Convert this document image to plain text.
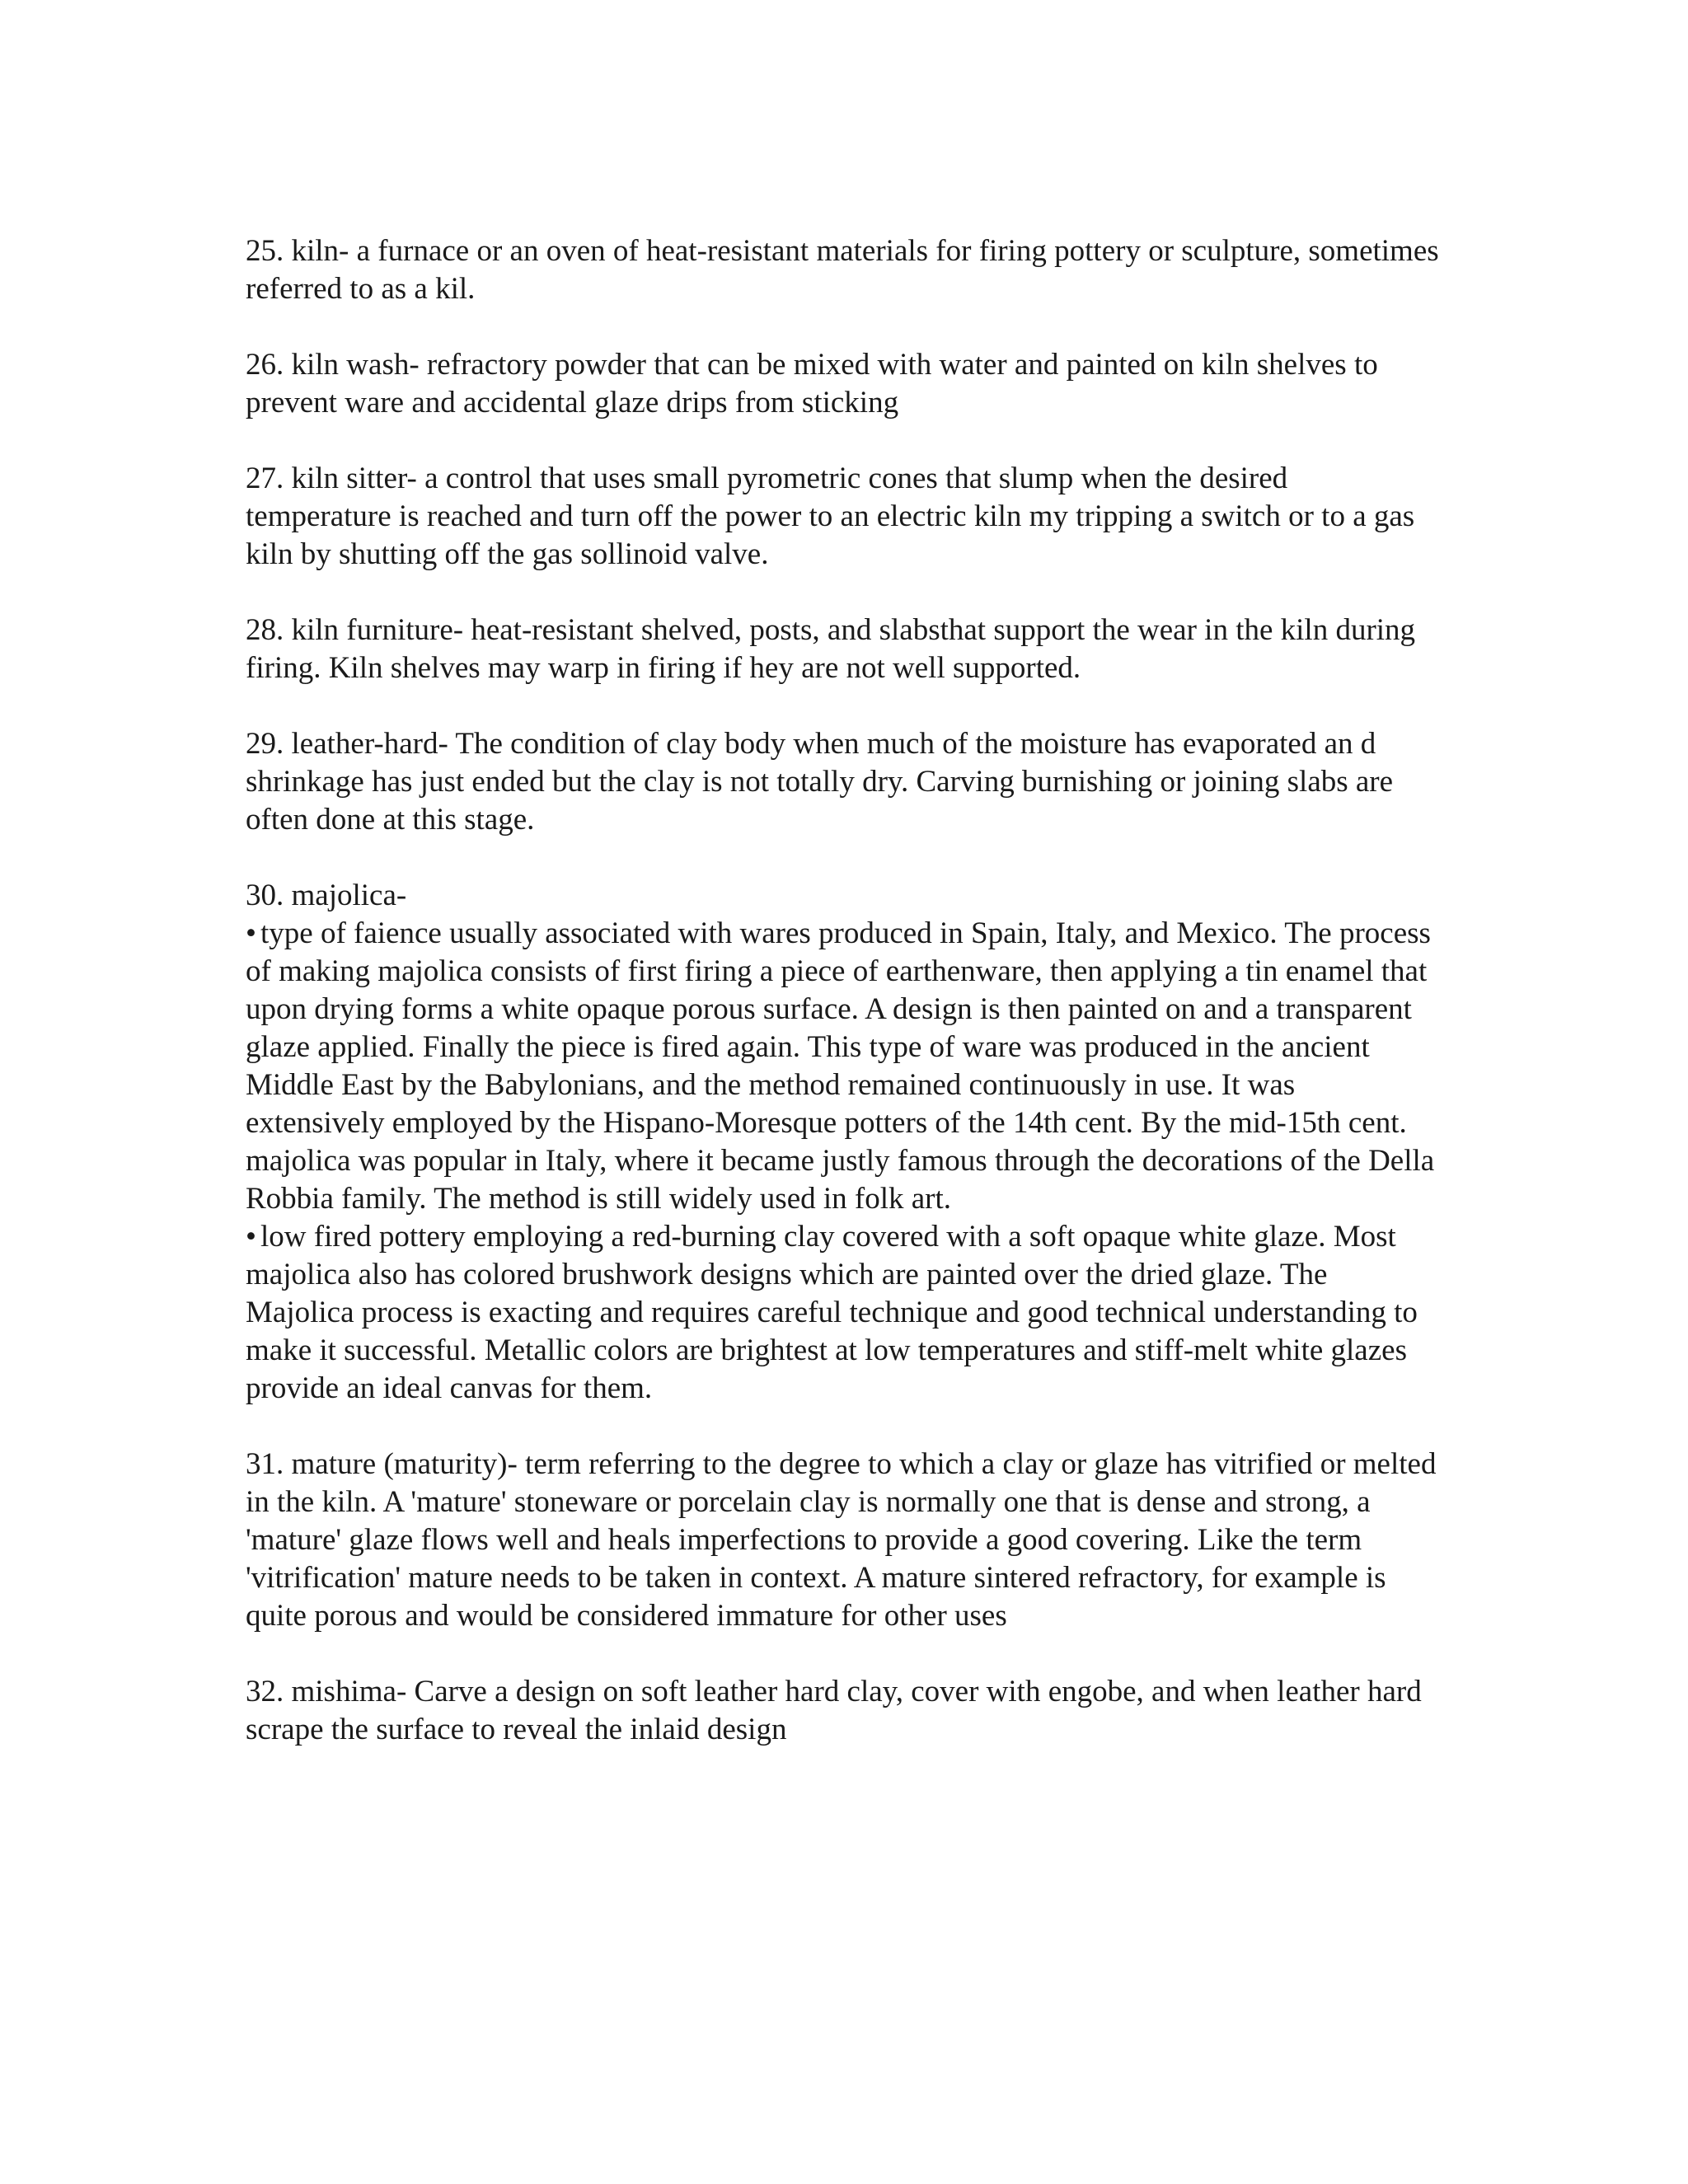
25. kiln- a furnace or an oven of heat-resistant materials for firing pottery or sculpture, sometimes referred to as a kil.

26. kiln wash- refractory powder that can be mixed with water and painted on kiln shelves to prevent ware and accidental glaze drips from sticking

27. kiln sitter- a control that uses small pyrometric cones that slump when the desired temperature is reached and turn off the power to an electric kiln my tripping a switch or to a gas kiln by shutting off the gas sollinoid valve.

28. kiln furniture- heat-resistant shelved, posts, and slabsthat support the wear in the kiln during firing. Kiln shelves may warp in firing if hey are not well supported.

29. leather-hard- The condition of clay body when much of the moisture has evaporated an d shrinkage has just ended but the clay is not totally dry. Carving burnishing or joining slabs are often done at this stage.

30. majolica-

• type of faience usually associated with wares produced in Spain, Italy, and Mexico. The process of making majolica consists of first firing a piece of earthenware, then applying a tin enamel that upon drying forms a white opaque porous surface. A design is then painted on and a transparent glaze applied. Finally the piece is fired again. This type of ware was produced in the ancient Middle East by the Babylonians, and the method remained continuously in use. It was extensively employed by the Hispano-Moresque potters of the 14th cent. By the mid-15th cent. majolica was popular in Italy, where it became justly famous through the decorations of the Della Robbia family. The method is still widely used in folk art.
• low fired pottery employing a red-burning clay covered with a soft opaque white glaze. Most majolica also has colored brushwork designs which are painted over the dried glaze. The Majolica process is exacting and requires careful technique and good technical understanding to make it successful. Metallic colors are brightest at low temperatures and stiff-melt white glazes provide an ideal canvas for them.

31. mature (maturity)- term referring to the degree to which a clay or glaze has vitrified or melted in the kiln. A 'mature' stoneware or porcelain clay is normally one that is dense and strong, a 'mature' glaze flows well and heals imperfections to provide a good covering. Like the term 'vitrification' mature needs to be taken in context. A mature sintered refractory, for example is quite porous and would be considered immature for other uses

32. mishima- Carve a design on soft leather hard clay, cover with engobe, and when leather hard scrape the surface to reveal the inlaid design
